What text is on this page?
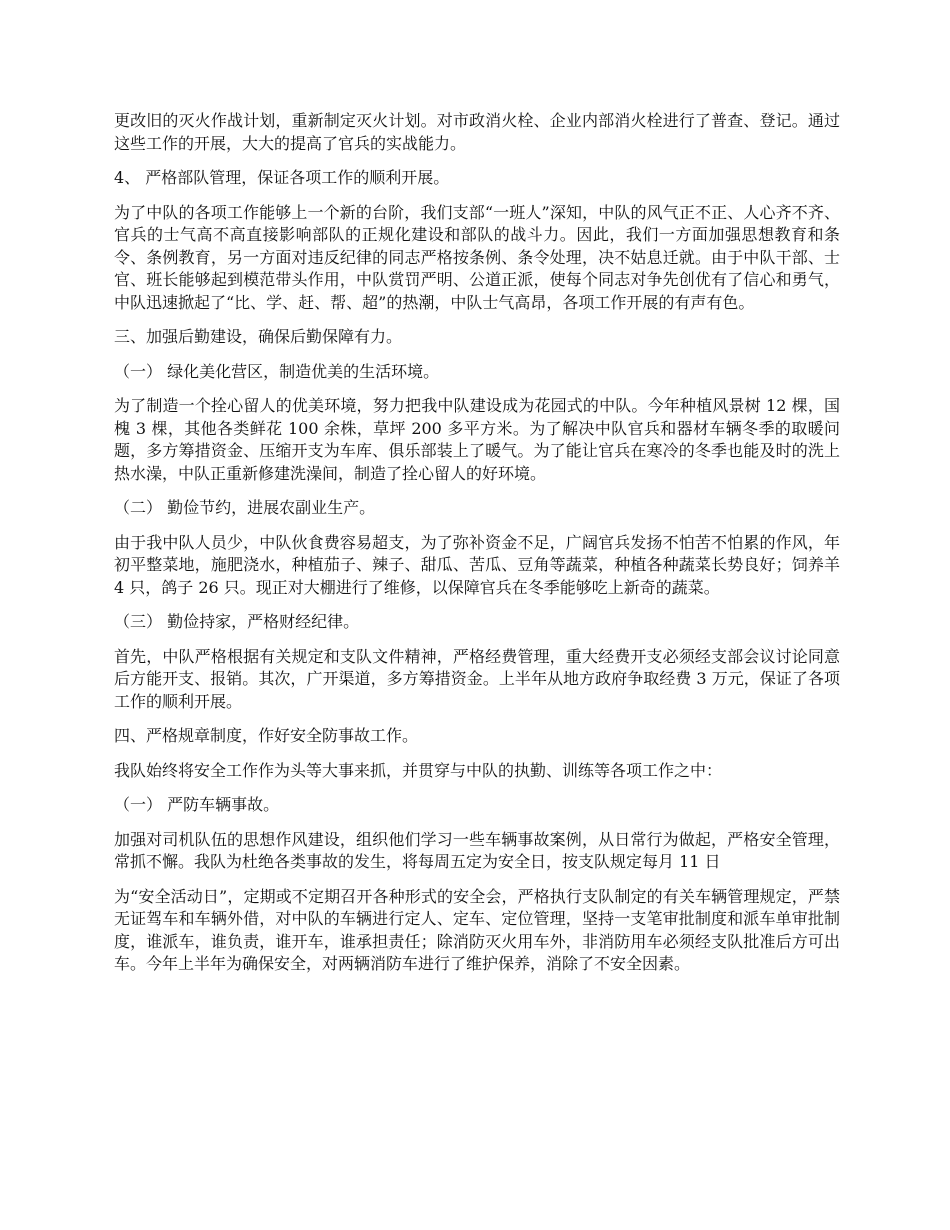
更改旧的灭火作战计划，重新制定灭火计划。对市政消火栓、企业内部消火栓进行了普查、登记。通过这些工作的开展，大大的提高了官兵的实战能力。

4、 严格部队管理，保证各项工作的顺利开展。

为了中队的各项工作能够上一个新的台阶，我们支部“一班人”深知，中队的风气正不正、人心齐不齐、官兵的士气高不高直接影响部队的正规化建设和部队的战斗力。因此，我们一方面加强思想教育和条令、条例教育，另一方面对违反纪律的同志严格按条例、条令处理，决不姑息迁就。由于中队干部、士官、班长能够起到模范带头作用，中队赏罚严明、公道正派，使每个同志对争先创优有了信心和勇气，中队迅速掀起了“比、学、赶、帮、超”的热潮，中队士气高昂，各项工作开展的有声有色。

三、加强后勤建设，确保后勤保障有力。

（一） 绿化美化营区，制造优美的生活环境。

为了制造一个拴心留人的优美环境，努力把我中队建设成为花园式的中队。今年种植风景树 12 棵，国槐 3 棵，其他各类鲜花 100 余株，草坪 200 多平方米。为了解决中队官兵和器材车辆冬季的取暖问题，多方筹措资金、压缩开支为车库、俱乐部装上了暖气。为了能让官兵在寒冷的冬季也能及时的洗上热水澡，中队正重新修建洗澡间，制造了拴心留人的好环境。

（二） 勤俭节约，进展农副业生产。

由于我中队人员少，中队伙食费容易超支，为了弥补资金不足，广阔官兵发扬不怕苦不怕累的作风，年初平整菜地，施肥浇水，种植茄子、辣子、甜瓜、苦瓜、豆角等蔬菜，种植各种蔬菜长势良好；饲养羊 4 只，鸽子 26 只。现正对大棚进行了维修，以保障官兵在冬季能够吃上新奇的蔬菜。

（三） 勤俭持家，严格财经纪律。

首先，中队严格根据有关规定和支队文件精神，严格经费管理，重大经费开支必须经支部会议讨论同意后方能开支、报销。其次，广开渠道，多方筹措资金。上半年从地方政府争取经费 3 万元，保证了各项工作的顺利开展。

四、严格规章制度，作好安全防事故工作。

我队始终将安全工作作为头等大事来抓，并贯穿与中队的执勤、训练等各项工作之中：

（一） 严防车辆事故。

加强对司机队伍的思想作风建设，组织他们学习一些车辆事故案例，从日常行为做起，严格安全管理，常抓不懈。我队为杜绝各类事故的发生，将每周五定为安全日，按支队规定每月 11 日

为“安全活动日”，定期或不定期召开各种形式的安全会，严格执行支队制定的有关车辆管理规定，严禁无证驾车和车辆外借，对中队的车辆进行定人、定车、定位管理，坚持一支笔审批制度和派车单审批制度，谁派车，谁负责，谁开车，谁承担责任；除消防灭火用车外，非消防用车必须经支队批准后方可出车。今年上半年为确保安全，对两辆消防车进行了维护保养，消除了不安全因素。
